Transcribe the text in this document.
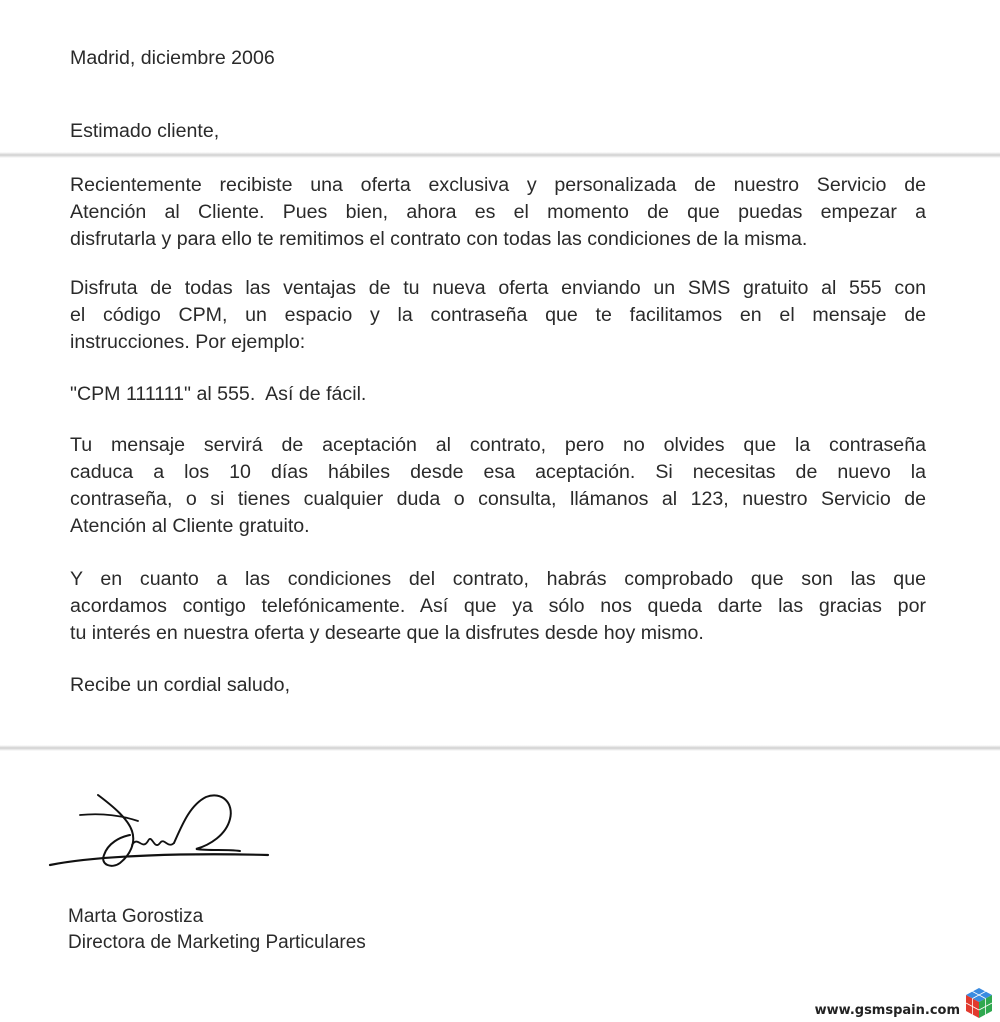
Madrid, diciembre 2006

Estimado cliente,

Recientemente recibiste una oferta exclusiva y personalizada de nuestro Servicio de

Atención al Cliente. Pues bien, ahora es el momento de que puedas empezar a

disfrutarla y para ello te remitimos el contrato con todas las condiciones de la misma.

Disfruta de todas las ventajas de tu nueva oferta enviando un SMS gratuito al 555 con

el código CPM, un espacio y la contraseña que te facilitamos en el mensaje de

instrucciones. Por ejemplo:

"CPM 111111" al 555.  Así de fácil.

Tu mensaje servirá de aceptación al contrato, pero no olvides que la contraseña

caduca a los 10 días hábiles desde esa aceptación. Si necesitas de nuevo la

contraseña, o si tienes cualquier duda o consulta, llámanos al 123, nuestro Servicio de

Atención al Cliente gratuito.

Y en cuanto a las condiciones del contrato, habrás comprobado que son las que

acordamos contigo telefónicamente. Así que ya sólo nos queda darte las gracias por

tu interés en nuestra oferta y desearte que la disfrutes desde hoy mismo.

Recibe un cordial saludo,

Marta Gorostiza

Directora de Marketing Particulares

www.gsmspain.com
